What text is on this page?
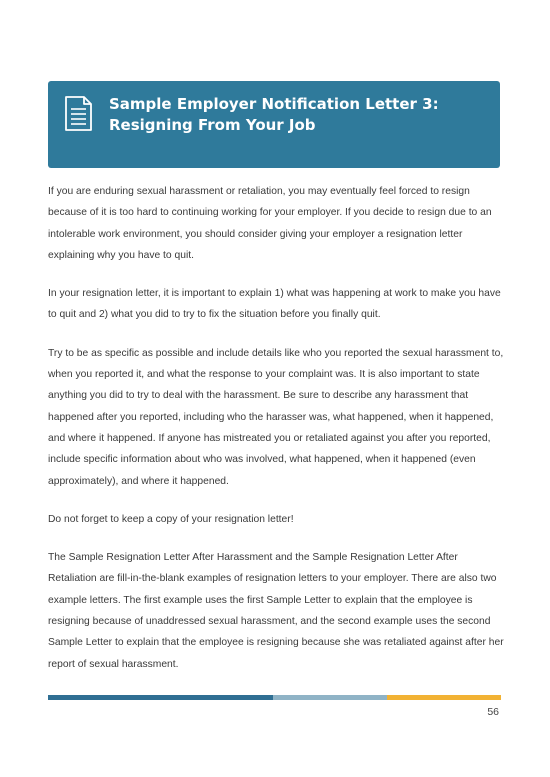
Sample Employer Notification Letter 3:
Resigning From Your Job

If you are enduring sexual harassment or retaliation, you may eventually feel forced to resign because of it is too hard to continuing working for your employer. If you decide to resign due to an intolerable work environment, you should consider giving your employer a resignation letter explaining why you have to quit.

In your resignation letter, it is important to explain 1) what was happening at work to make you have to quit and 2) what you did to try to fix the situation before you finally quit.

Try to be as specific as possible and include details like who you reported the sexual harassment to, when you reported it, and what the response to your complaint was. It is also important to state anything you did to try to deal with the harassment. Be sure to describe any harassment that happened after you reported, including who the harasser was, what happened, when it happened, and where it happened. If anyone has mistreated you or retaliated against you after you reported, include specific information about who was involved, what happened, when it happened (even approximately), and where it happened.

Do not forget to keep a copy of your resignation letter!

The Sample Resignation Letter After Harassment and the Sample Resignation Letter After Retaliation are fill-in-the-blank examples of resignation letters to your employer. There are also two example letters. The first example uses the first Sample Letter to explain that the employee is resigning because of unaddressed sexual harassment, and the second example uses the second Sample Letter to explain that the employee is resigning because she was retaliated against after her report of sexual harassment.

56
